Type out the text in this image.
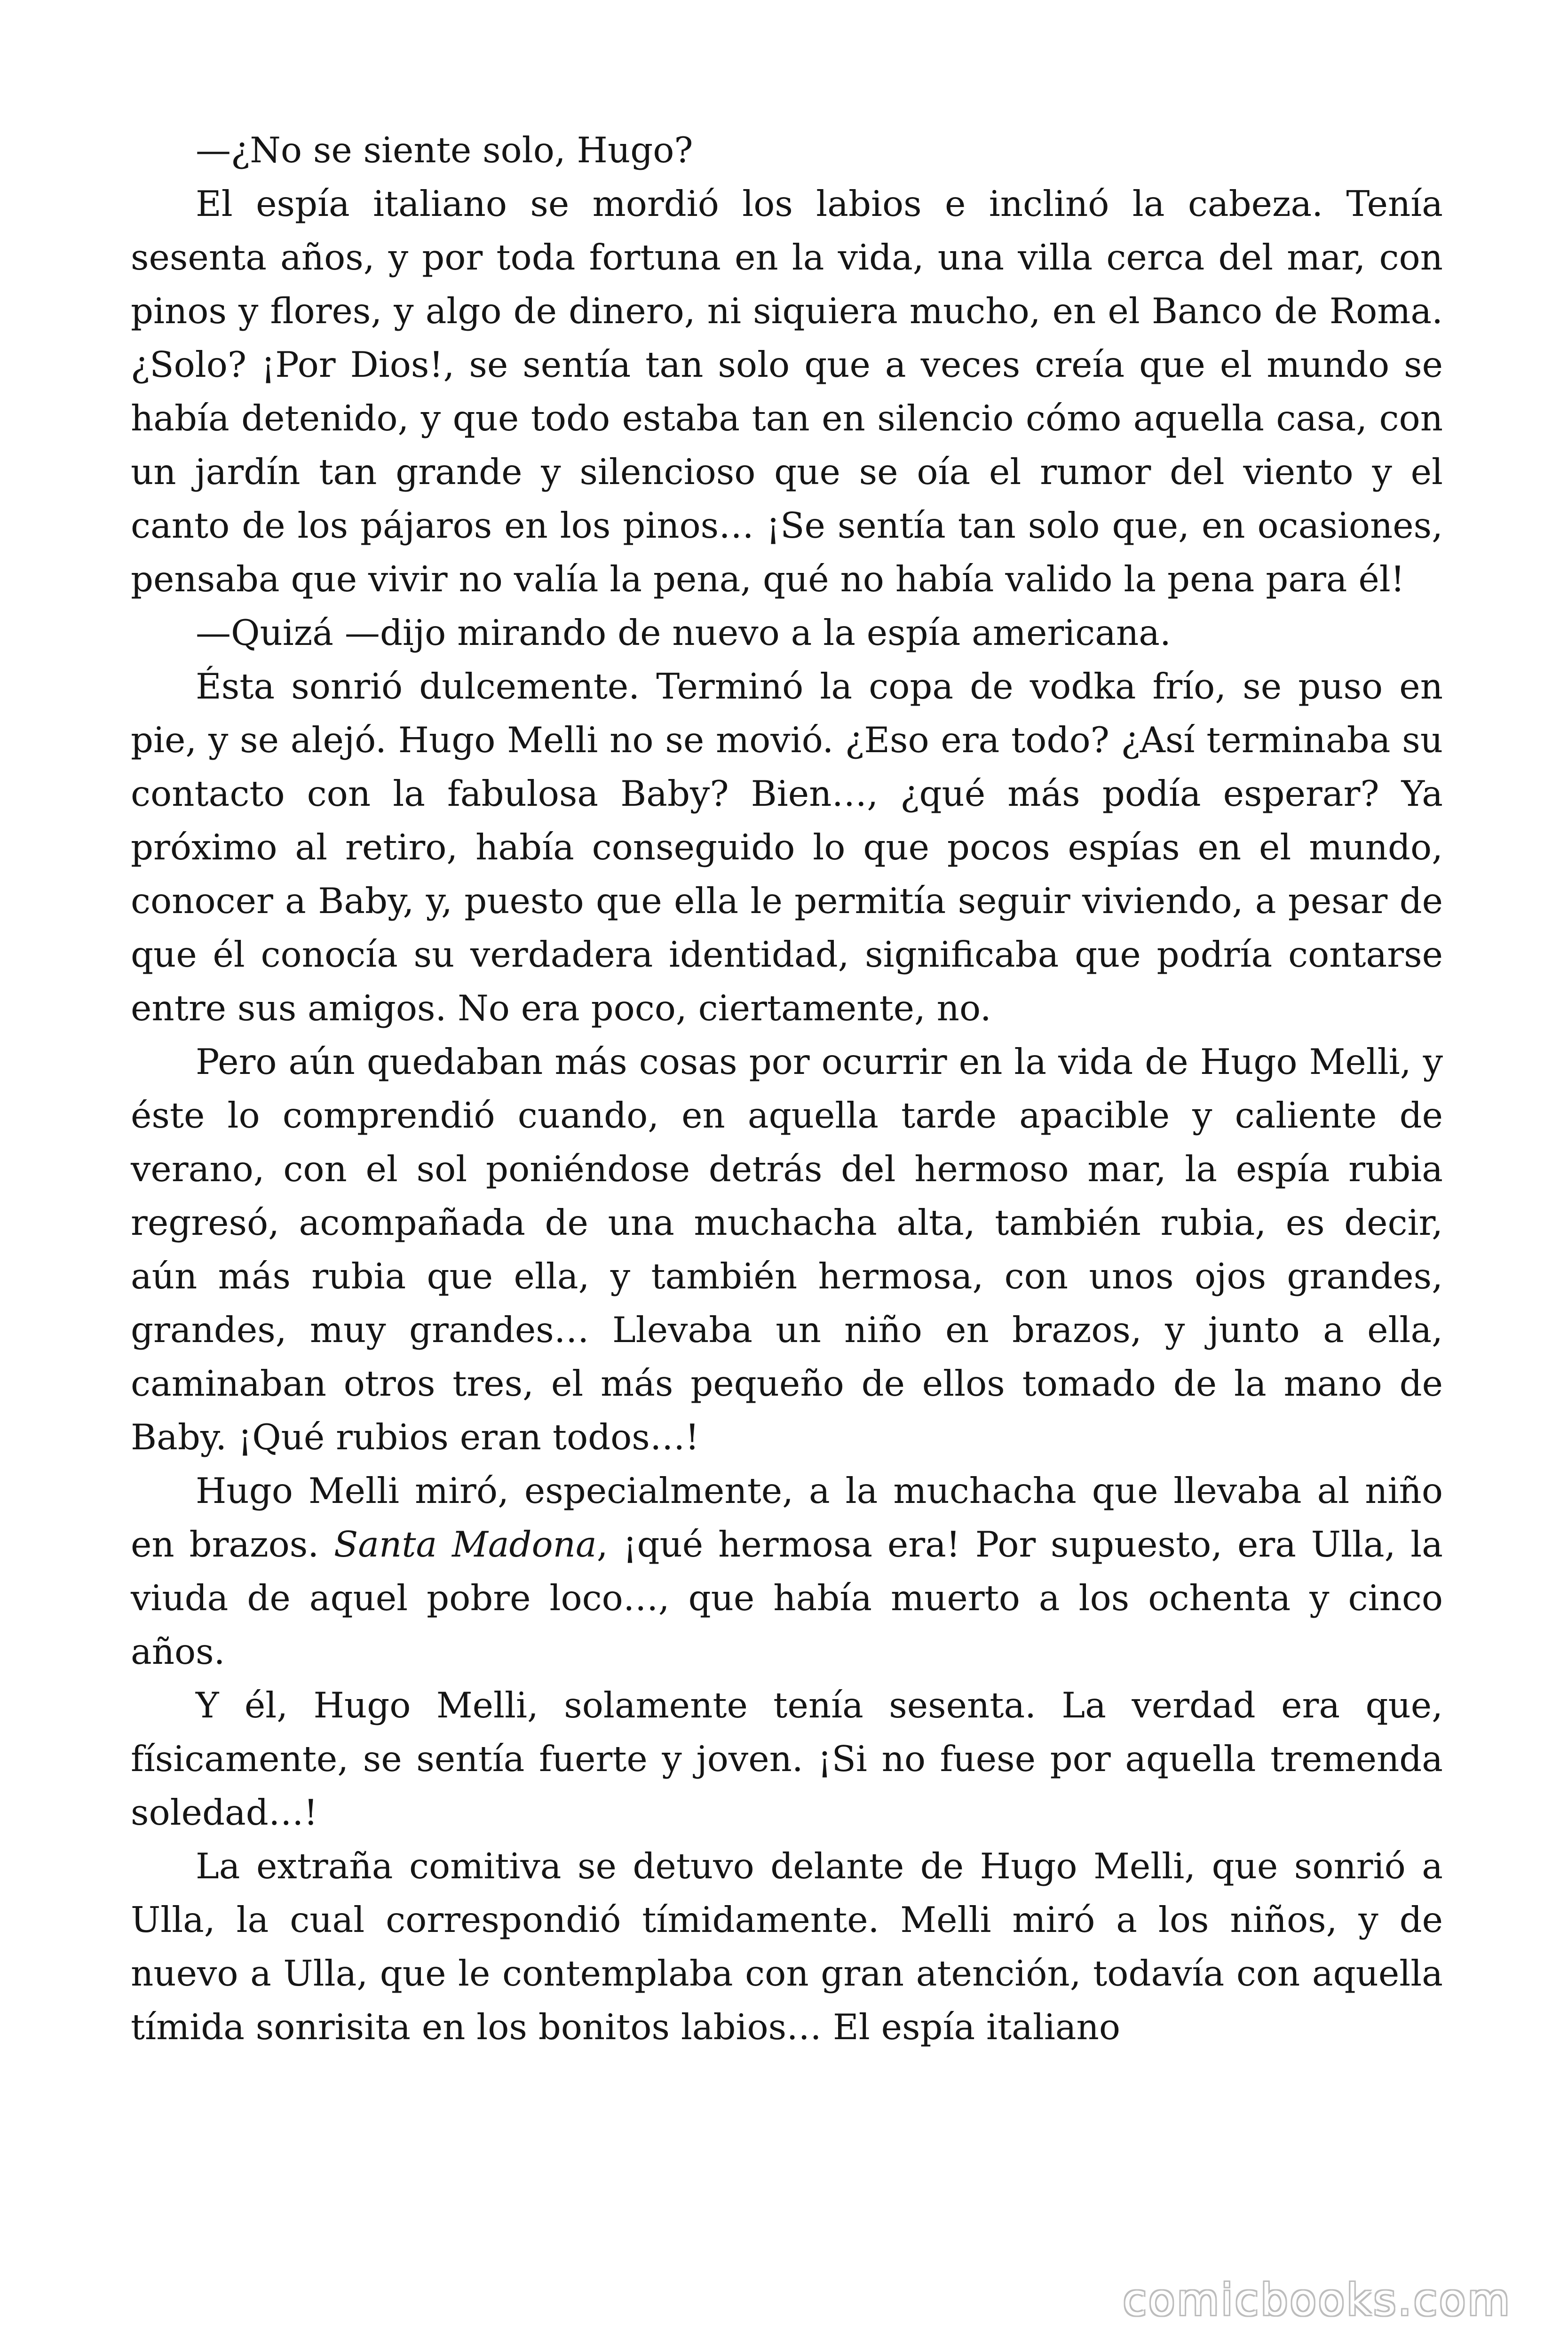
—¿No se siente solo, Hugo?

El espía italiano se mordió los labios e inclinó la cabeza. Tenía sesenta años, y por toda fortuna en la vida, una villa cerca del mar, con pinos y flores, y algo de dinero, ni siquiera mucho, en el Banco de Roma. ¿Solo? ¡Por Dios!, se sentía tan solo que a veces creía que el mundo se había detenido, y que todo estaba tan en silencio cómo aquella casa, con un jardín tan grande y silencioso que se oía el rumor del viento y el canto de los pájaros en los pinos… ¡Se sentía tan solo que, en ocasiones, pensaba que vivir no valía la pena, qué no había valido la pena para él!

—Quizá —dijo mirando de nuevo a la espía americana.

Ésta sonrió dulcemente. Terminó la copa de vodka frío, se puso en pie, y se alejó. Hugo Melli no se movió. ¿Eso era todo? ¿Así terminaba su contacto con la fabulosa Baby? Bien…, ¿qué más podía esperar? Ya próximo al retiro, había conseguido lo que pocos espías en el mundo, conocer a Baby, y, puesto que ella le permitía seguir viviendo, a pesar de que él conocía su verdadera identidad, significaba que podría contarse entre sus amigos. No era poco, ciertamente, no.

Pero aún quedaban más cosas por ocurrir en la vida de Hugo Melli, y éste lo comprendió cuando, en aquella tarde apacible y caliente de verano, con el sol poniéndose detrás del hermoso mar, la espía rubia regresó, acompañada de una muchacha alta, también rubia, es decir, aún más rubia que ella, y también hermosa, con unos ojos grandes, grandes, muy grandes… Llevaba un niño en brazos, y junto a ella, caminaban otros tres, el más pequeño de ellos tomado de la mano de Baby. ¡Qué rubios eran todos…!

Hugo Melli miró, especialmente, a la muchacha que llevaba al niño en brazos. Santa Madona, ¡qué hermosa era! Por supuesto, era Ulla, la viuda de aquel pobre loco…, que había muerto a los ochenta y cinco años.

Y él, Hugo Melli, solamente tenía sesenta. La verdad era que, físicamente, se sentía fuerte y joven. ¡Si no fuese por aquella tremenda soledad…!

La extraña comitiva se detuvo delante de Hugo Melli, que sonrió a Ulla, la cual correspondió tímidamente. Melli miró a los niños, y de nuevo a Ulla, que le contemplaba con gran atención, todavía con aquella tímida sonrisita en los bonitos labios… El espía italiano

comicbooks.com
